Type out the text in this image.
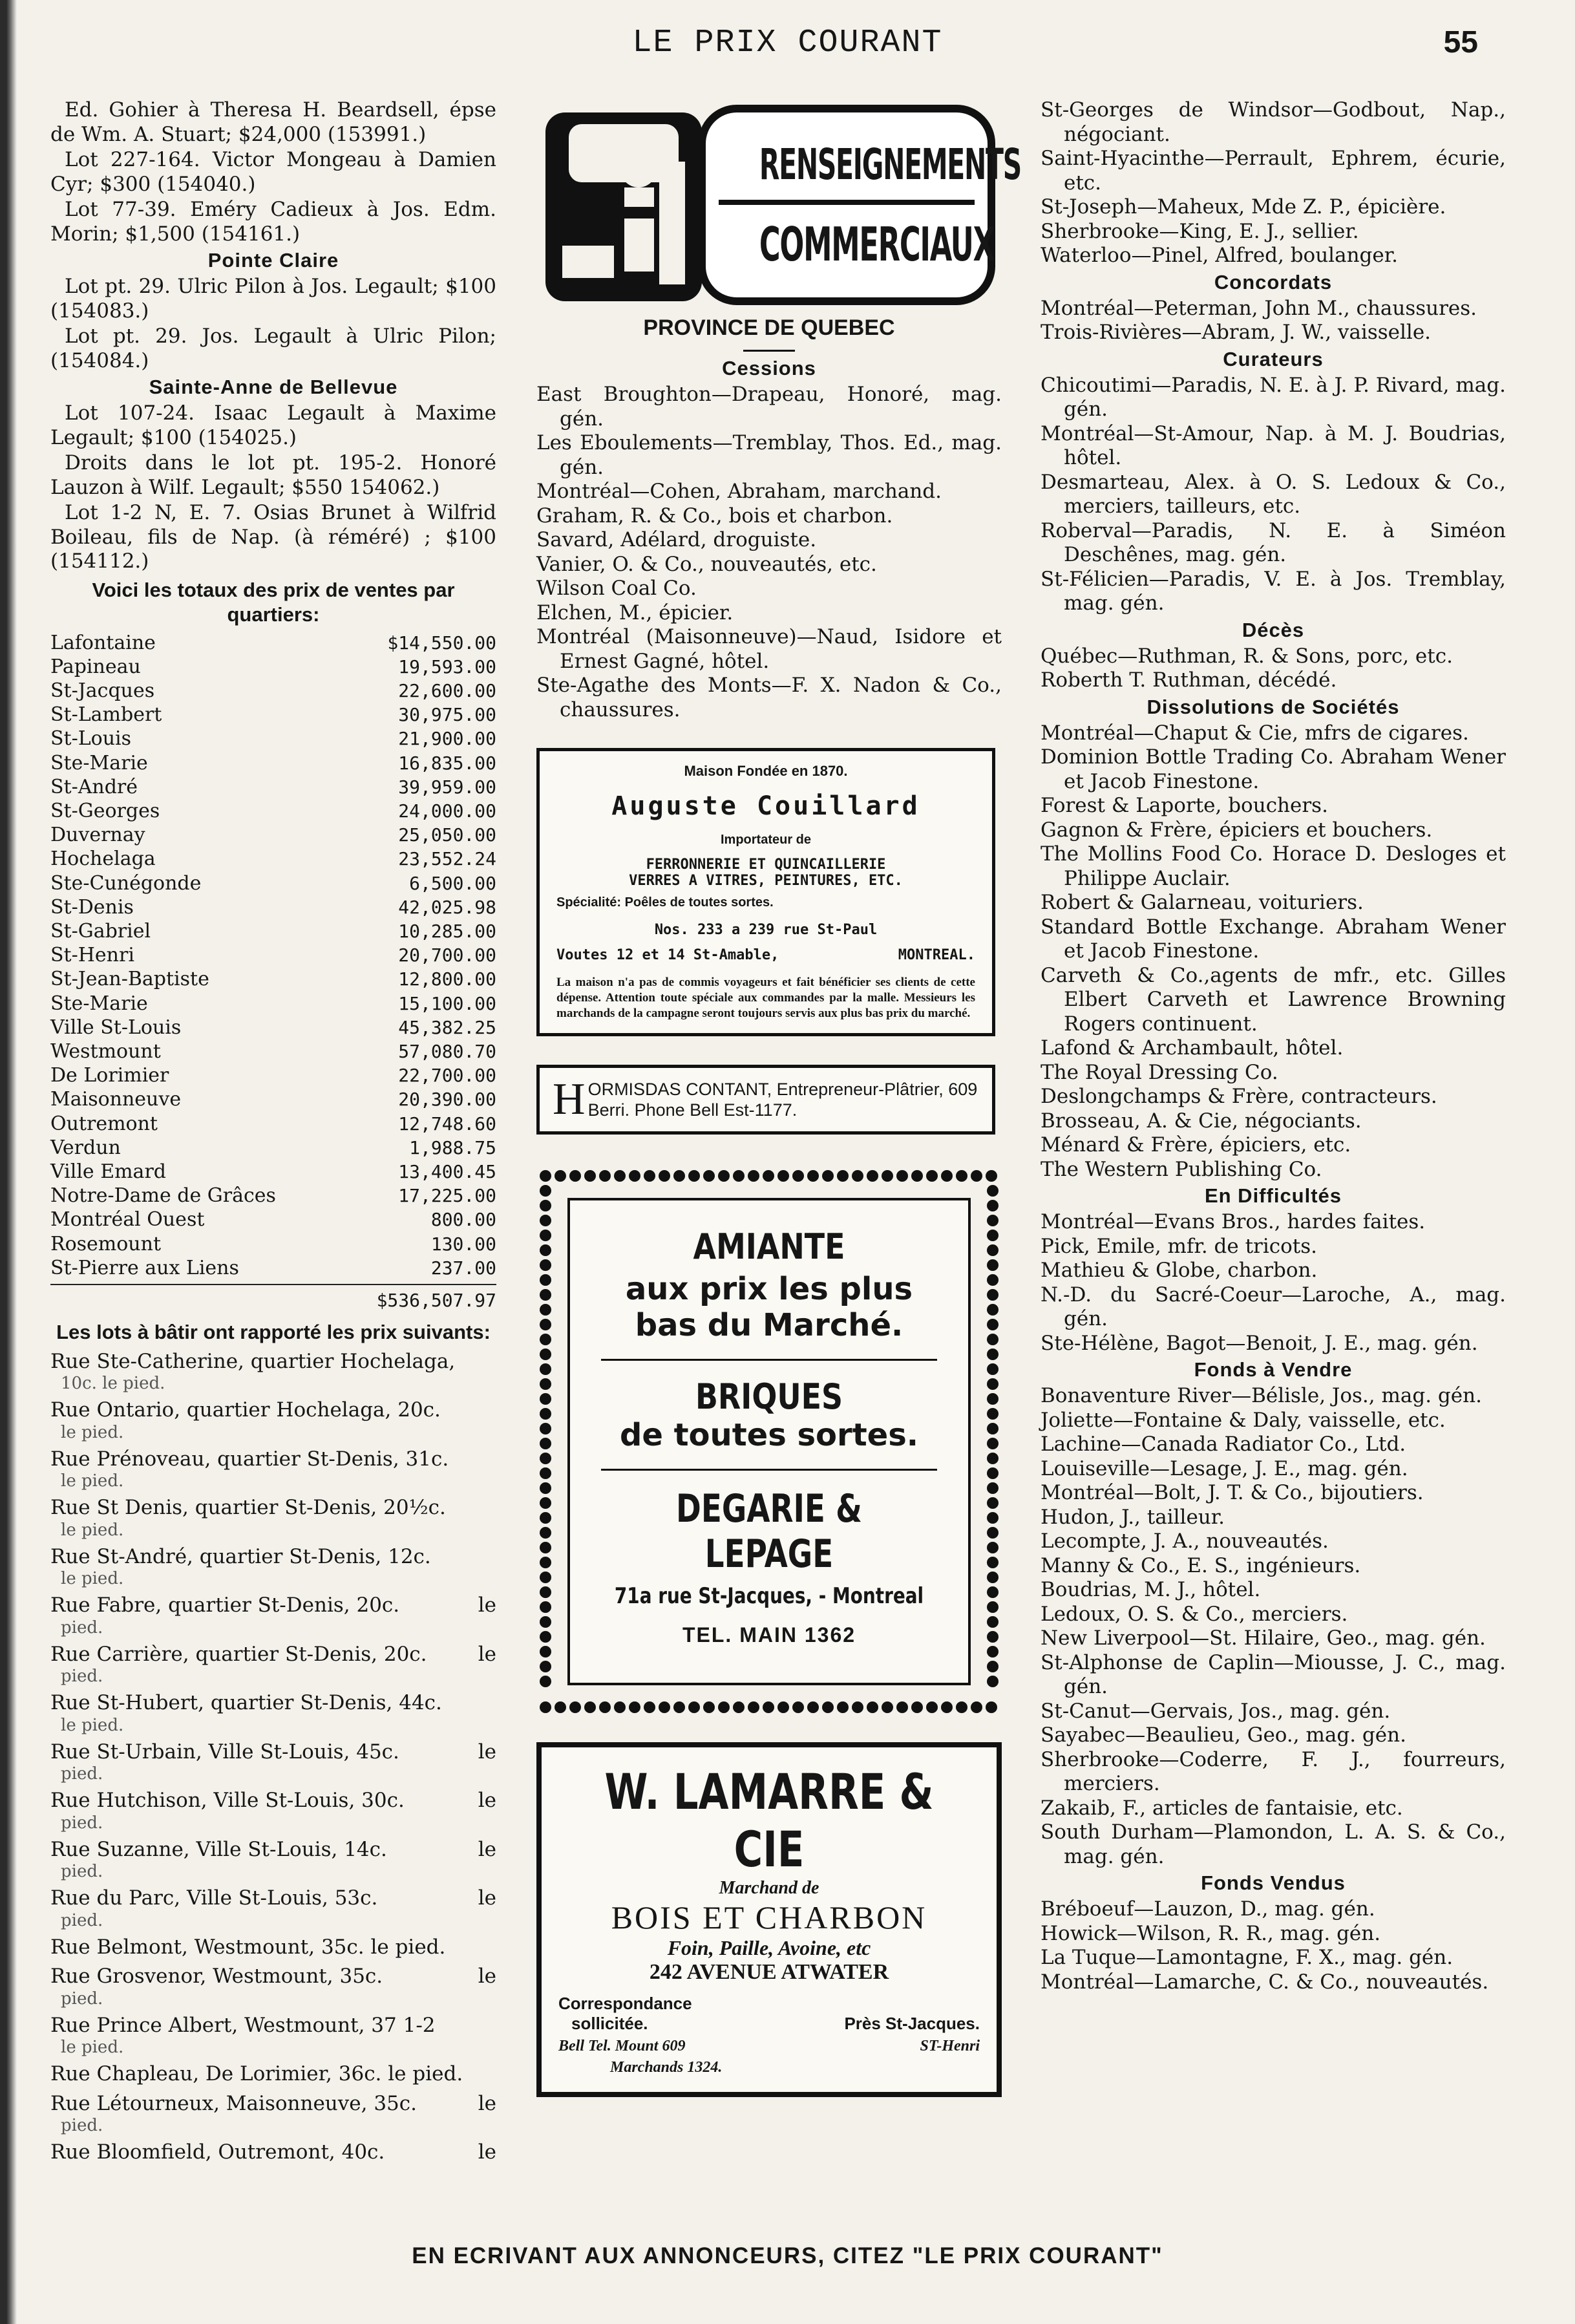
LE PRIX COURANT	55

Ed. Gohier à Theresa H. Beardsell, épse de Wm. A. Stuart; $24,000 (153991.)

Lot 227-164. Victor Mongeau à Damien Cyr; $300 (154040.)

Lot 77-39. Eméry Cadieux à Jos. Edm. Morin; $1,500 (154161.)

Pointe Claire

Lot pt. 29. Ulric Pilon à Jos. Legault; $100 (154083.)

Lot pt. 29. Jos. Legault à Ulric Pilon; (154084.)

Sainte-Anne de Bellevue

Lot 107-24. Isaac Legault à Maxime Legault; $100 (154025.)

Droits dans le lot pt. 195-2. Honoré Lauzon à Wilf. Legault; $550 154062.)

Lot 1-2 N, E. 7. Osias Brunet à Wilfrid Boileau, fils de Nap. (à réméré) ; $100 (154112.)

Voici les totaux des prix de ventes par quartiers:
Lafontaine	$14,550.00
Papineau	19,593.00
St-Jacques	22,600.00
St-Lambert	30,975.00
St-Louis	21,900.00
Ste-Marie	16,835.00
St-André	39,959.00
St-Georges	24,000.00
Duvernay	25,050.00
Hochelaga	23,552.24
Ste-Cunégonde	6,500.00
St-Denis	42,025.98
St-Gabriel	10,285.00
St-Henri	20,700.00
St-Jean-Baptiste	12,800.00
Ste-Marie	15,100.00
Ville St-Louis	45,382.25
Westmount	57,080.70
De Lorimier	22,700.00
Maisonneuve	20,390.00
Outremont	12,748.60
Verdun	1,988.75
Ville Emard	13,400.45
Notre-Dame de Grâces	17,225.00
Montréal Ouest	800.00
Rosemount	130.00
St-Pierre aux Liens	237.00
$536,507.97
Les lots à bâtir ont rapporté les prix suivants:
Rue Ste-Catherine, quartier Hochelaga,
10c. le pied.
Rue Ontario, quartier Hochelaga, 20c.
le pied.
Rue Prénoveau, quartier St-Denis, 31c.
le pied.
Rue St Denis, quartier St-Denis, 20½c.
le pied.
Rue St-André, quartier St-Denis, 12c.
le pied.
Rue Fabre, quartier St-Denis, 20c.	le
pied.
Rue Carrière, quartier St-Denis, 20c.	le
pied.
Rue St-Hubert, quartier St-Denis, 44c.
le pied.
Rue St-Urbain, Ville St-Louis, 45c.	le
pied.
Rue Hutchison, Ville St-Louis, 30c.	le
pied.
Rue Suzanne, Ville St-Louis, 14c.	le
pied.
Rue du Parc, Ville St-Louis, 53c.	le
pied.
Rue Belmont, Westmount, 35c. le pied.
Rue Grosvenor, Westmount, 35c.	le
pied.
Rue Prince Albert, Westmount, 37 1-2
le pied.
Rue Chapleau, De Lorimier, 36c. le pied.
Rue Létourneux, Maisonneuve, 35c.	le
pied.
Rue Bloomfield, Outremont, 40c.	le
RENSEIGNEMENTS
COMMERCIAUX
PROVINCE DE QUEBEC
Cessions
East Broughton—Drapeau, Honoré, mag. gén.
Les Eboulements—Tremblay, Thos. Ed., mag. gén.
Montréal—Cohen, Abraham, marchand.
Graham, R. & Co., bois et charbon.
Savard, Adélard, droguiste.
Vanier, O. & Co., nouveautés, etc.
Wilson Coal Co.
Elchen, M., épicier.
Montréal (Maisonneuve)—Naud, Isidore et Ernest Gagné, hôtel.
Ste-Agathe des Monts—F. X. Nadon & Co., chaussures.
Maison Fondée en 1870.
Auguste Couillard
Importateur de
FERRONNERIE ET QUINCAILLERIE
VERRES A VITRES, PEINTURES, ETC.
Spécialité: Poêles de toutes sortes.
Nos. 233 a 239 rue St-Paul
Voutes 12 et 14 St-Amable,	MONTREAL.
La maison n'a pas de commis voyageurs et fait bénéficier ses clients de cette dépense. Attention toute spéciale aux commandes par la malle. Messieurs les marchands de la campagne seront toujours servis aux plus bas prix du marché.
H ORMISDAS CONTANT, Entrepreneur-Plâtrier, 609 Berri. Phone Bell Est-1177.
AMIANTE
aux prix les plus
bas du Marché.
BRIQUES
de toutes sortes.
DEGARIE & LEPAGE
71a rue St-Jacques, - Montreal
TEL. MAIN 1362
W. LAMARRE & CIE
Marchand de
BOIS ET CHARBON
Foin, Paille, Avoine, etc
242 AVENUE ATWATER
Correspondance
sollicitée.	Près St-Jacques.
Bell Tel. Mount 609	ST-Henri
Marchands 1324.
St-Georges de Windsor—Godbout, Nap., négociant.
Saint-Hyacinthe—Perrault, Ephrem, écurie, etc.
St-Joseph—Maheux, Mde Z. P., épicière.
Sherbrooke—King, E. J., sellier.
Waterloo—Pinel, Alfred, boulanger.
Concordats
Montréal—Peterman, John M., chaussures.
Trois-Rivières—Abram, J. W., vaisselle.
Curateurs
Chicoutimi—Paradis, N. E. à J. P. Rivard, mag. gén.
Montréal—St-Amour, Nap. à M. J. Boudrias, hôtel.
Desmarteau, Alex. à O. S. Ledoux & Co., merciers, tailleurs, etc.
Roberval—Paradis, N. E. à Siméon Deschênes, mag. gén.
St-Félicien—Paradis, V. E. à Jos. Tremblay, mag. gén.
Décès
Québec—Ruthman, R. & Sons, porc, etc.
Roberth T. Ruthman, décédé.
Dissolutions de Sociétés
Montréal—Chaput & Cie, mfrs de cigares.
Dominion Bottle Trading Co. Abraham Wener et Jacob Finestone.
Forest & Laporte, bouchers.
Gagnon & Frère, épiciers et bouchers.
The Mollins Food Co. Horace D. Desloges et Philippe Auclair.
Robert & Galarneau, voituriers.
Standard Bottle Exchange. Abraham Wener et Jacob Finestone.
Carveth & Co.,agents de mfr., etc. Gilles Elbert Carveth et Lawrence Browning Rogers continuent.
Lafond & Archambault, hôtel.
The Royal Dressing Co.
Deslongchamps & Frère, contracteurs.
Brosseau, A. & Cie, négociants.
Ménard & Frère, épiciers, etc.
The Western Publishing Co.
En Difficultés
Montréal—Evans Bros., hardes faites.
Pick, Emile, mfr. de tricots.
Mathieu & Globe, charbon.
N.-D. du Sacré-Coeur—Laroche, A., mag. gén.
Ste-Hélène, Bagot—Benoit, J. E., mag. gén.
Fonds à Vendre
Bonaventure River—Bélisle, Jos., mag. gén.
Joliette—Fontaine & Daly, vaisselle, etc.
Lachine—Canada Radiator Co., Ltd.
Louiseville—Lesage, J. E., mag. gén.
Montréal—Bolt, J. T. & Co., bijoutiers.
Hudon, J., tailleur.
Lecompte, J. A., nouveautés.
Manny & Co., E. S., ingénieurs.
Boudrias, M. J., hôtel.
Ledoux, O. S. & Co., merciers.
New Liverpool—St. Hilaire, Geo., mag. gén.
St-Alphonse de Caplin—Miousse, J. C., mag. gén.
St-Canut—Gervais, Jos., mag. gén.
Sayabec—Beaulieu, Geo., mag. gén.
Sherbrooke—Coderre, F. J., fourreurs, merciers.
Zakaib, F., articles de fantaisie, etc.
South Durham—Plamondon, L. A. S. & Co., mag. gén.
Fonds Vendus
Bréboeuf—Lauzon, D., mag. gén.
Howick—Wilson, R. R., mag. gén.
La Tuque—Lamontagne, F. X., mag. gén.
Montréal—Lamarche, C. & Co., nouveautés.
EN ECRIVANT AUX ANNONCEURS, CITEZ "LE PRIX COURANT"
